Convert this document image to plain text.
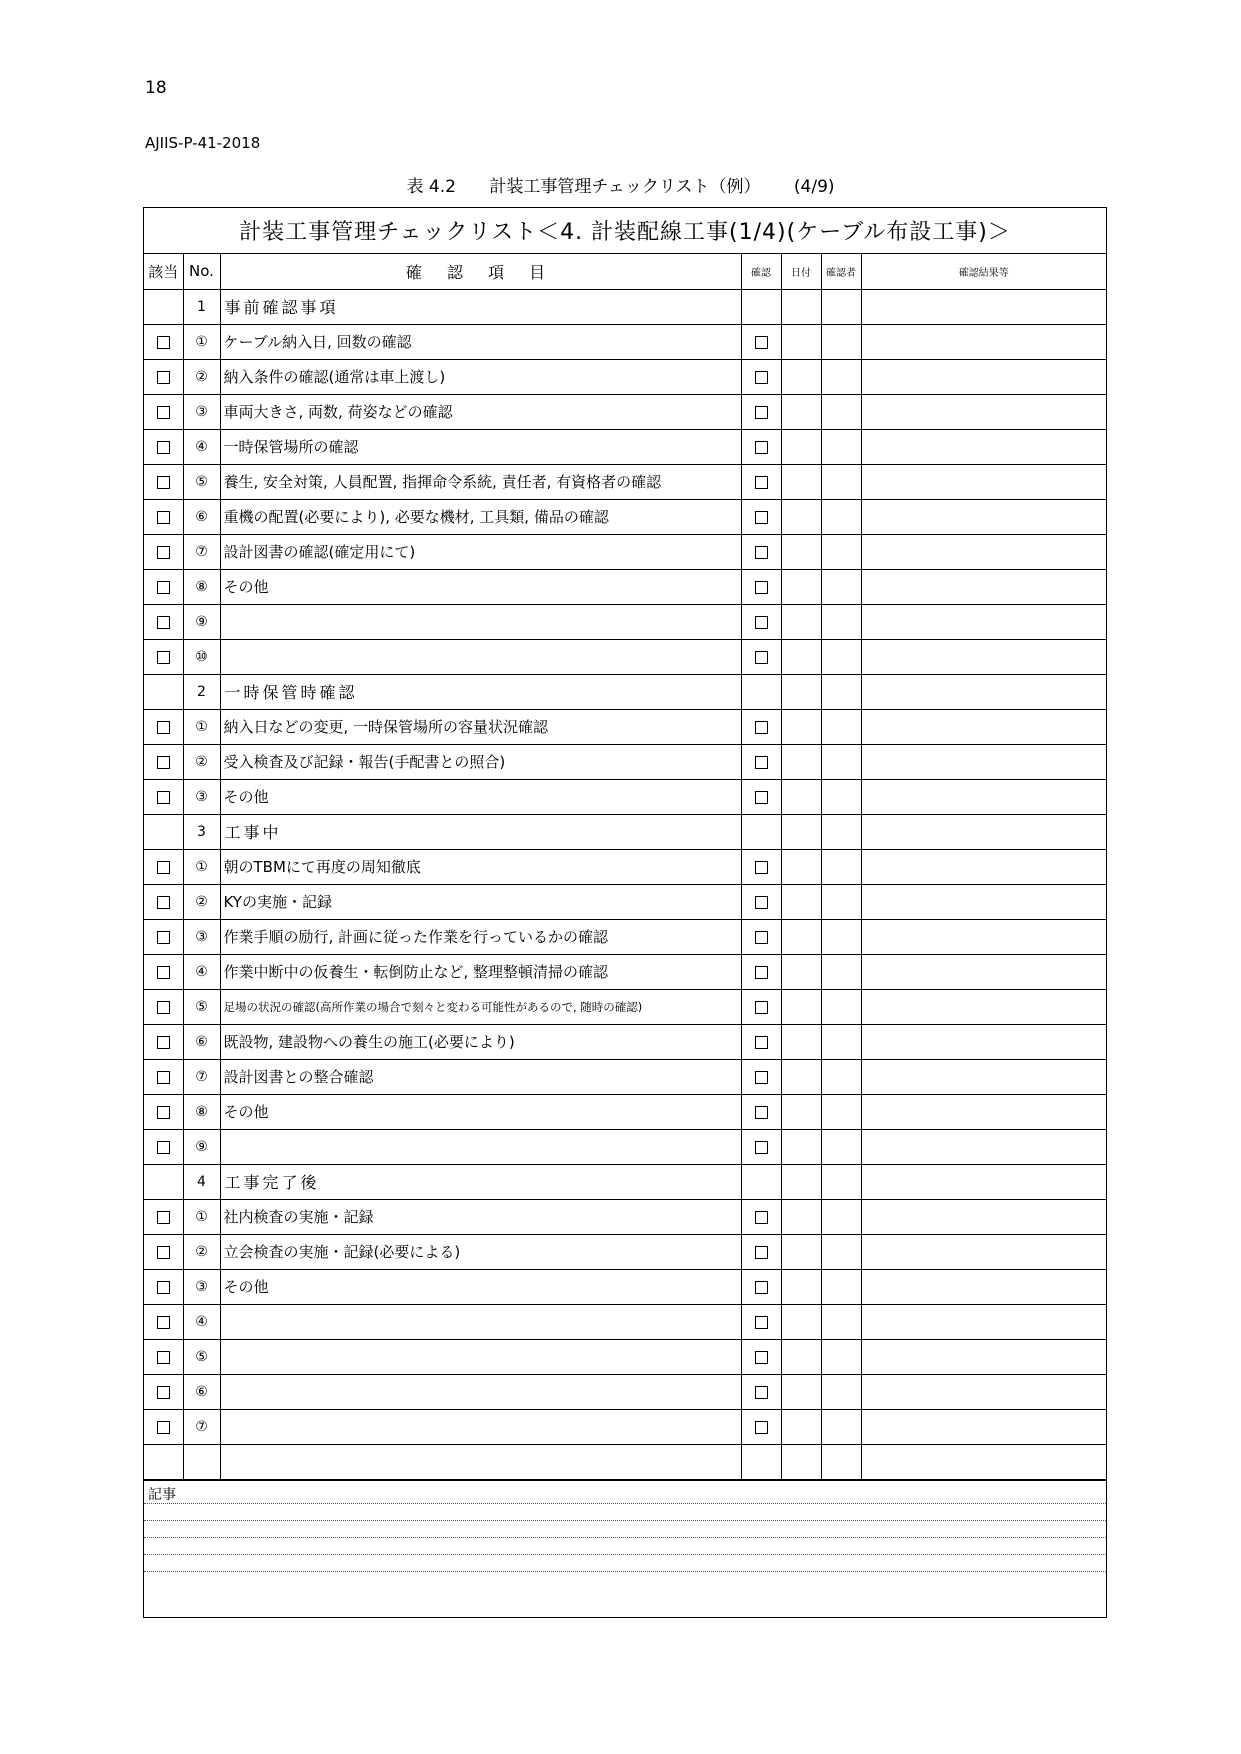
18
AJIIS-P-41-2018
表 4.2 計装工事管理チェックリスト（例） (4/9)
計装工事管理チェックリスト＜4. 計装配線工事(1/4)(ケーブル布設工事)＞
該当	No.	確 認 項 目	確認	日付	確認者	確認結果等
	1	事前確認事項				
	①	ケーブル納入日, 回数の確認				
	②	納入条件の確認(通常は車上渡し)				
	③	車両大きさ, 両数, 荷姿などの確認				
	④	一時保管場所の確認				
	⑤	養生, 安全対策, 人員配置, 指揮命令系統, 責任者, 有資格者の確認				
	⑥	重機の配置(必要により), 必要な機材, 工具類, 備品の確認				
	⑦	設計図書の確認(確定用にて)				
	⑧	その他				
	⑨					
	⑩					
	2	一時保管時確認				
	①	納入日などの変更, 一時保管場所の容量状況確認				
	②	受入検査及び記録・報告(手配書との照合)				
	③	その他				
	3	工事中				
	①	朝のTBMにて再度の周知徹底				
	②	KYの実施・記録				
	③	作業手順の励行, 計画に従った作業を行っているかの確認				
	④	作業中断中の仮養生・転倒防止など, 整理整頓清掃の確認				
	⑤	足場の状況の確認(高所作業の場合で刻々と変わる可能性があるので, 随時の確認)				
	⑥	既設物, 建設物への養生の施工(必要により)				
	⑦	設計図書との整合確認				
	⑧	その他				
	⑨					
	4	工事完了後				
	①	社内検査の実施・記録				
	②	立会検査の実施・記録(必要による)				
	③	その他				
	④					
	⑤					
	⑥					
	⑦					

記事
